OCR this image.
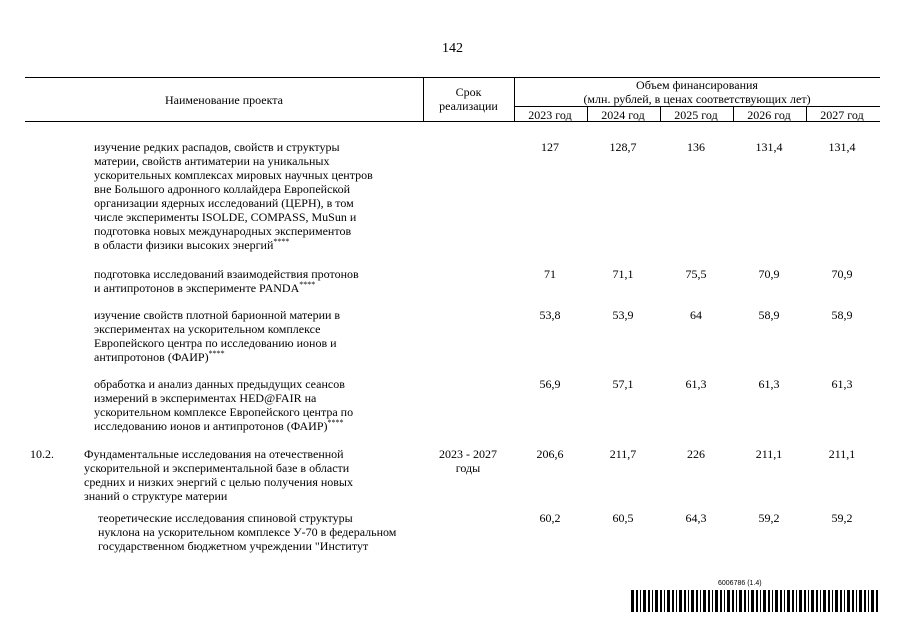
142
Наименование проекта
Срок
реализации
Объем финансирования
(млн. рублей, в ценах соответствующих лет)
2023 год	2024 год	2025 год	2026 год	2027 год
изучение редких распадов, свойств и структуры
материи, свойств антиматерии на уникальных
ускорительных комплексах мировых научных центров
вне Большого адронного коллайдера Европейской
организации ядерных исследований (ЦЕРН), в том
числе эксперименты ISOLDE, COMPASS, MuSun и
подготовка новых международных экспериментов
в области физики высоких энергий****
127	128,7	136	131,4	131,4
подготовка исследований взаимодействия протонов
и антипротонов в эксперименте PANDA****
71	71,1	75,5	70,9	70,9
изучение свойств плотной барионной материи в
экспериментах на ускорительном комплексе
Европейского центра по исследованию ионов и
антипротонов (ФАИР)****
53,8	53,9	64	58,9	58,9
обработка и анализ данных предыдущих сеансов
измерений в экспериментах HED@FAIR на
ускорительном комплексе Европейского центра по
исследованию ионов и антипротонов (ФАИР)****
56,9	57,1	61,3	61,3	61,3
10.2.	Фундаментальные исследования на отечественной
ускорительной и экспериментальной базе в области
средних и низких энергий с целью получения новых
знаний о структуре материи
2023 - 2027
годы
206,6	211,7	226	211,1	211,1
теоретические исследования спиновой структуры
нуклона на ускорительном комплексе У-70 в федеральном
государственном бюджетном учреждении "Институт
60,2	60,5	64,3	59,2	59,2
6006786 (1.4)
